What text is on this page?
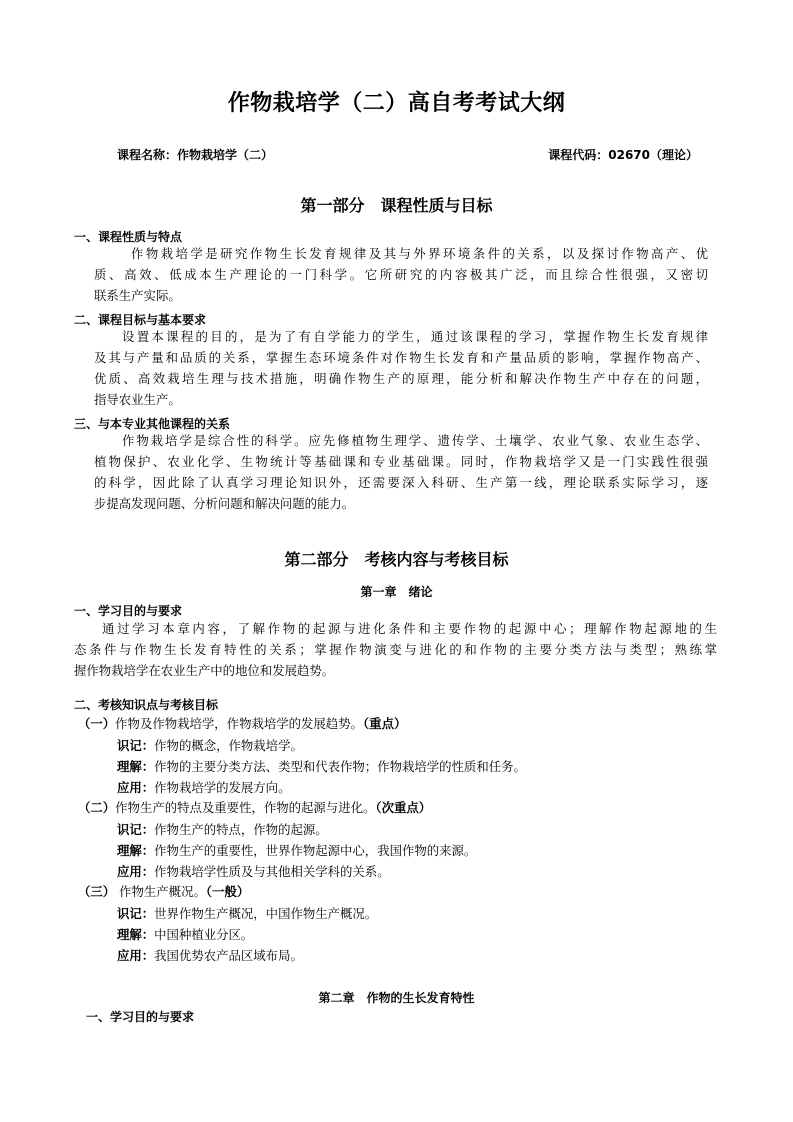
作物栽培学（二）高自考考试大纲
课程名称：作物栽培学（二）	课程代码：02670（理论）
第一部分　课程性质与目标
一、课程性质与特点
作物栽培学是研究作物生长发育规律及其与外界环境条件的关系，以及探讨作物高产、优
质、高效、低成本生产理论的一门科学。它所研究的内容极其广泛，而且综合性很强，又密切
联系生产实际。
二、课程目标与基本要求
设置本课程的目的，是为了有自学能力的学生，通过该课程的学习，掌握作物生长发育规律
及其与产量和品质的关系，掌握生态环境条件对作物生长发育和产量品质的影响，掌握作物高产、
优质、高效栽培生理与技术措施，明确作物生产的原理，能分析和解决作物生产中存在的问题，
指导农业生产。
三、与本专业其他课程的关系
作物栽培学是综合性的科学。应先修植物生理学、遗传学、土壤学、农业气象、农业生态学、
植物保护、农业化学、生物统计等基础课和专业基础课。同时，作物栽培学又是一门实践性很强
的科学，因此除了认真学习理论知识外，还需要深入科研、生产第一线，理论联系实际学习，逐
步提高发现问题、分析问题和解决问题的能力。
第二部分　考核内容与考核目标
第一章　绪论
一、学习目的与要求
通过学习本章内容，了解作物的起源与进化条件和主要作物的起源中心；理解作物起源地的生
态条件与作物生长发育特性的关系；掌握作物演变与进化的和作物的主要分类方法与类型；熟练掌
握作物栽培学在农业生产中的地位和发展趋势。
二、考核知识点与考核目标
（一）作物及作物栽培学，作物栽培学的发展趋势。（重点）
识记：作物的概念，作物栽培学。
理解：作物的主要分类方法、类型和代表作物；作物栽培学的性质和任务。
应用：作物栽培学的发展方向。
（二）作物生产的特点及重要性，作物的起源与进化。（次重点）
识记：作物生产的特点，作物的起源。
理解：作物生产的重要性，世界作物起源中心，我国作物的来源。
应用：作物栽培学性质及与其他相关学科的关系。
（三） 作物生产概况。（一般）
识记：世界作物生产概况，中国作物生产概况。
理解：中国种植业分区。
应用：我国优势农产品区域布局。
第二章　作物的生长发育特性
一、学习目的与要求
